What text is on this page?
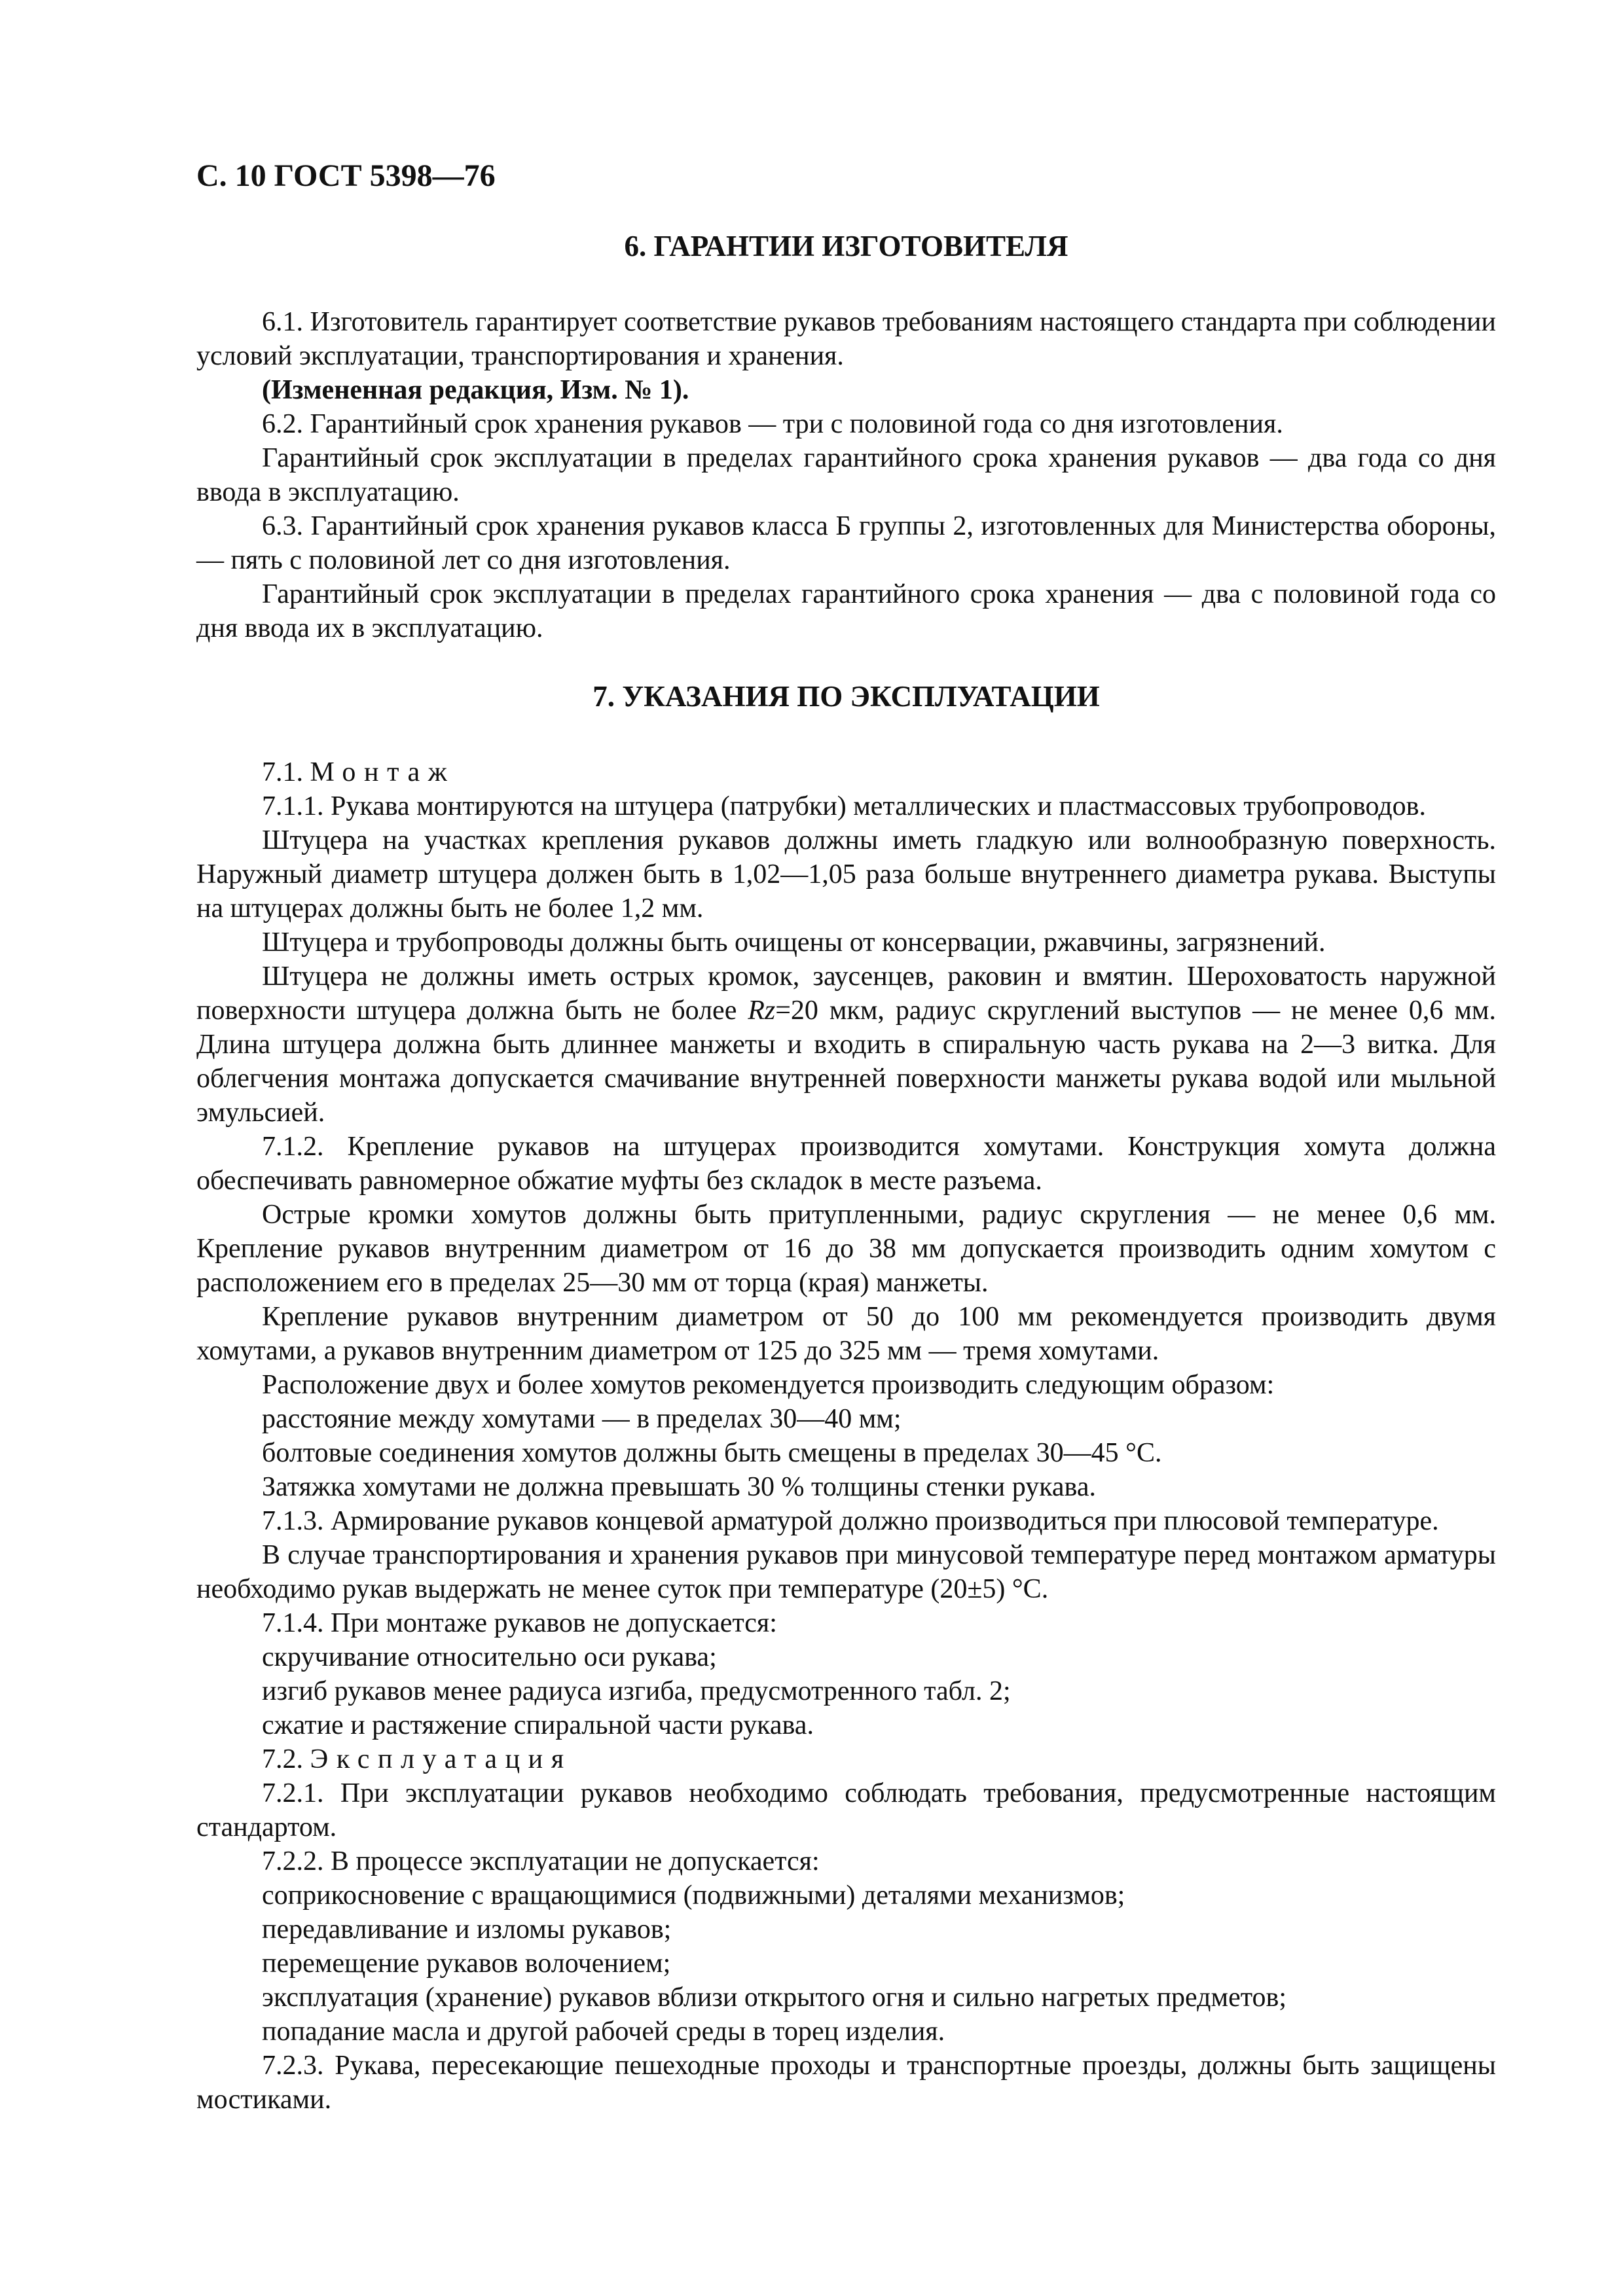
С. 10 ГОСТ 5398—76
6. ГАРАНТИИ ИЗГОТОВИТЕЛЯ

6.1. Изготовитель гарантирует соответствие рукавов требованиям настоящего стандарта при соблюдении условий эксплуатации, транспортирования и хранения.

(Измененная редакция, Изм. № 1).

6.2. Гарантийный срок хранения рукавов — три с половиной года со дня изготовления.

Гарантийный срок эксплуатации в пределах гарантийного срока хранения рукавов — два года со дня ввода в эксплуатацию.

6.3. Гарантийный срок хранения рукавов класса Б группы 2, изготовленных для Министерства обороны, — пять с половиной лет со дня изготовления.

Гарантийный срок эксплуатации в пределах гарантийного срока хранения — два с половиной года со дня ввода их в эксплуатацию.

7. УКАЗАНИЯ ПО ЭКСПЛУАТАЦИИ

7.1. Монтаж

7.1.1. Рукава монтируются на штуцера (патрубки) металлических и пластмассовых трубопроводов.

Штуцера на участках крепления рукавов должны иметь гладкую или волнообразную поверхность. Наружный диаметр штуцера должен быть в 1,02—1,05 раза больше внутреннего диаметра рукава. Выступы на штуцерах должны быть не более 1,2 мм.

Штуцера и трубопроводы должны быть очищены от консервации, ржавчины, загрязнений.

Штуцера не должны иметь острых кромок, заусенцев, раковин и вмятин. Шероховатость наружной поверхности штуцера должна быть не более Rz=20 мкм, радиус скруглений выступов — не менее 0,6 мм. Длина штуцера должна быть длиннее манжеты и входить в спиральную часть рукава на 2—3 витка. Для облегчения монтажа допускается смачивание внутренней поверхности манжеты рукава водой или мыльной эмульсией.

7.1.2. Крепление рукавов на штуцерах производится хомутами. Конструкция хомута должна обеспечивать равномерное обжатие муфты без складок в месте разъема.

Острые кромки хомутов должны быть притупленными, радиус скругления — не менее 0,6 мм. Крепление рукавов внутренним диаметром от 16 до 38 мм допускается производить одним хомутом с расположением его в пределах 25—30 мм от торца (края) манжеты.

Крепление рукавов внутренним диаметром от 50 до 100 мм рекомендуется производить двумя хомутами, а рукавов внутренним диаметром от 125 до 325 мм — тремя хомутами.

Расположение двух и более хомутов рекомендуется производить следующим образом:

расстояние между хомутами — в пределах 30—40 мм;

болтовые соединения хомутов должны быть смещены в пределах 30—45 °С.

Затяжка хомутами не должна превышать 30 % толщины стенки рукава.

7.1.3. Армирование рукавов концевой арматурой должно производиться при плюсовой температуре.

В случае транспортирования и хранения рукавов при минусовой температуре перед монтажом арматуры необходимо рукав выдержать не менее суток при температуре (20±5) °С.

7.1.4. При монтаже рукавов не допускается:

скручивание относительно оси рукава;

изгиб рукавов менее радиуса изгиба, предусмотренного табл. 2;

сжатие и растяжение спиральной части рукава.

7.2. Эксплуатация

7.2.1. При эксплуатации рукавов необходимо соблюдать требования, предусмотренные настоящим стандартом.

7.2.2. В процессе эксплуатации не допускается:

соприкосновение с вращающимися (подвижными) деталями механизмов;

передавливание и изломы рукавов;

перемещение рукавов волочением;

эксплуатация (хранение) рукавов вблизи открытого огня и сильно нагретых предметов;

попадание масла и другой рабочей среды в торец изделия.

7.2.3. Рукава, пересекающие пешеходные проходы и транспортные проезды, должны быть защищены мостиками.
